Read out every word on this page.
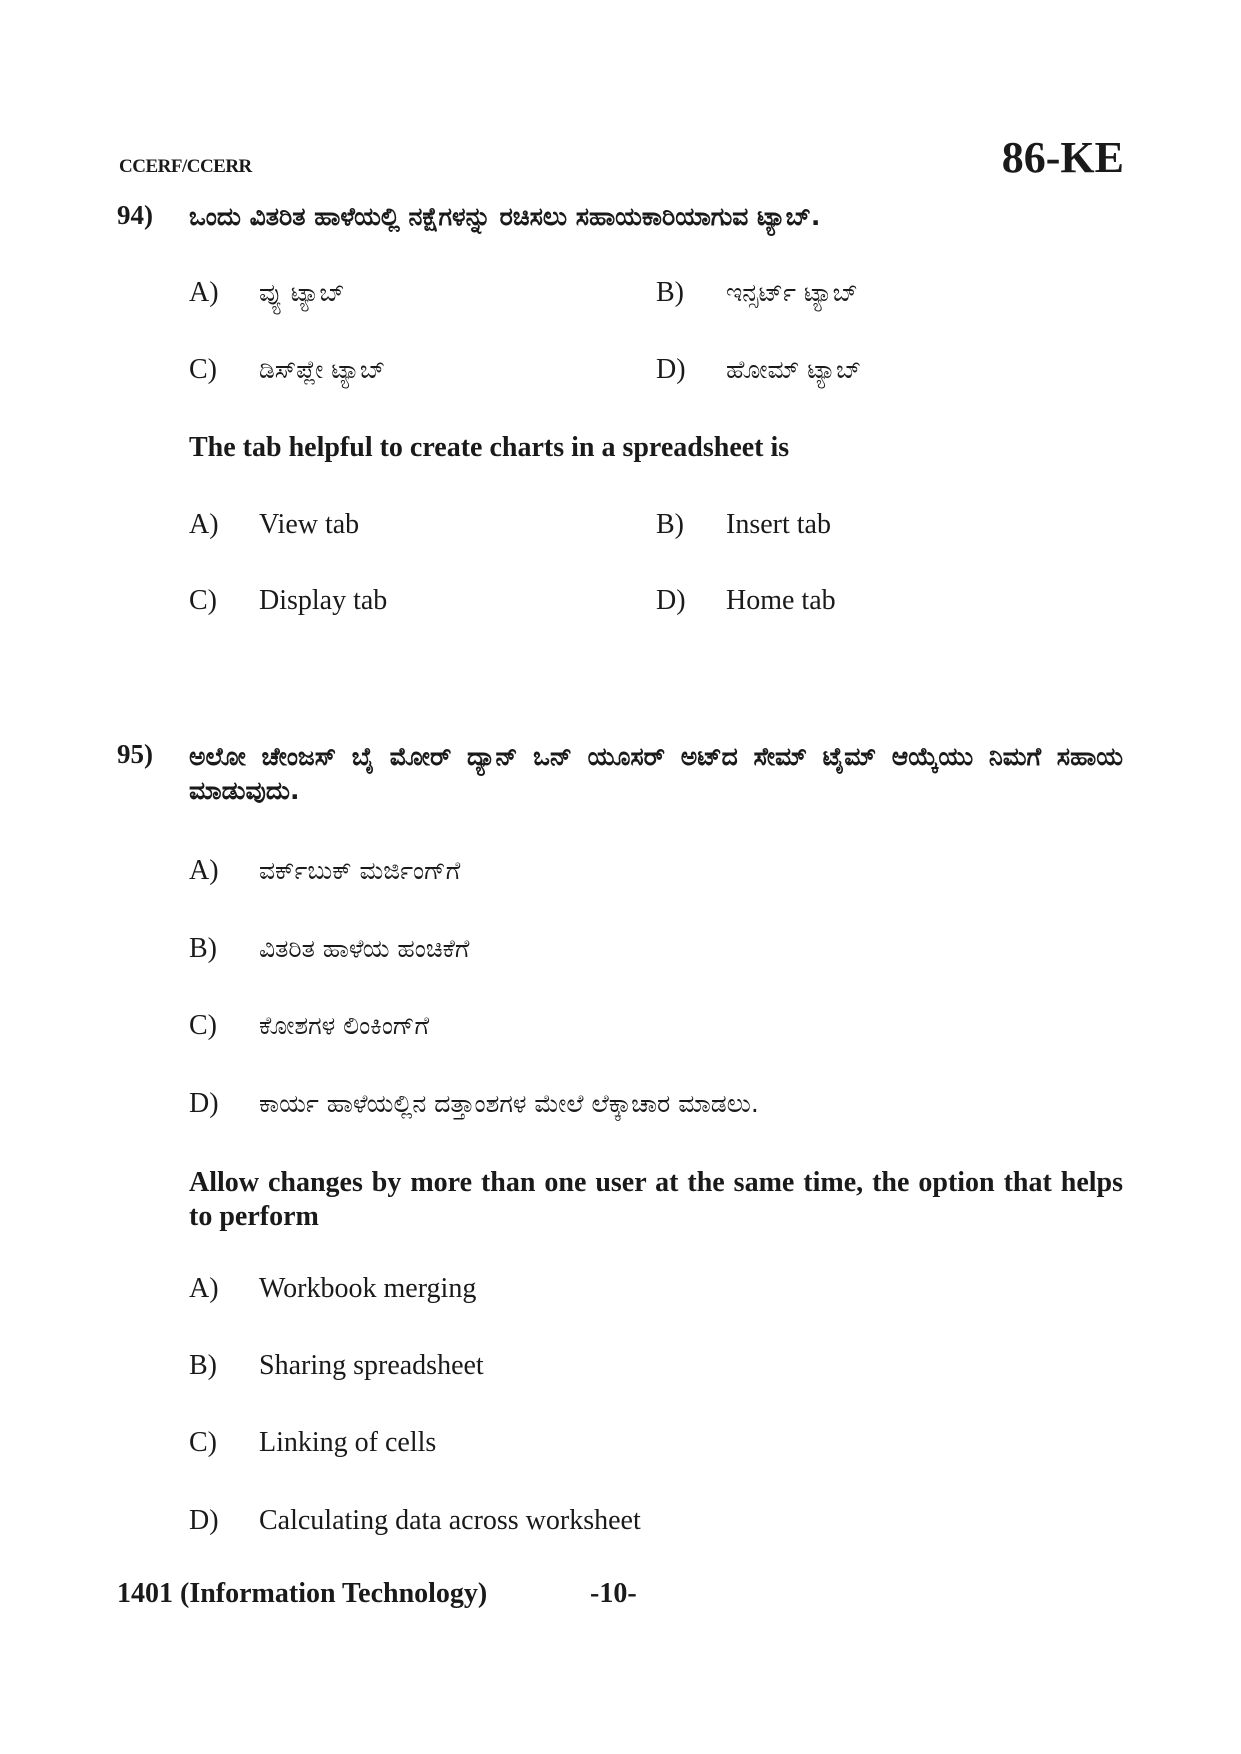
CCERF/CCERR	86-KE
94) ಒಂದು ವಿತರಿತ ಹಾಳೆಯಲ್ಲಿ ನಕ್ಷೆಗಳನ್ನು ರಚಿಸಲು ಸಹಾಯಕಾರಿಯಾಗುವ ಟ್ಯಾಬ್.
A) ವ್ಯು ಟ್ಯಾಬ್	B) ಇನ್ಸರ್ಟ್ ಟ್ಯಾಬ್
C) ಡಿಸ್‌ಪ್ಲೇ ಟ್ಯಾಬ್	D) ಹೋಮ್ ಟ್ಯಾಬ್
The tab helpful to create charts in a spreadsheet is
A) View tab	B) Insert tab
C) Display tab	D) Home tab
95) ಅಲೋ ಚೇಂಜಸ್ ಬೈ ಮೋರ್ ದ್ಯಾನ್ ಒನ್ ಯೂಸರ್ ಅಟ್‌ದ ಸೇಮ್ ಟೈಮ್ ಆಯ್ಕೆಯು ನಿಮಗೆ ಸಹಾಯ ಮಾಡುವುದು.
A) ವರ್ಕ್‌ಬುಕ್ ಮರ್ಜಿಂಗ್‌ಗೆ
B) ವಿತರಿತ ಹಾಳೆಯ ಹಂಚಿಕೆಗೆ
C) ಕೋಶಗಳ ಲಿಂಕಿಂಗ್‌ಗೆ
D) ಕಾರ್ಯ ಹಾಳೆಯಲ್ಲಿನ ದತ್ತಾಂಶಗಳ ಮೇಲೆ ಲೆಕ್ಕಾಚಾರ ಮಾಡಲು.
Allow changes by more than one user at the same time, the option that helps to perform
A) Workbook merging
B) Sharing spreadsheet
C) Linking of cells
D) Calculating data across worksheet
1401 (Information Technology)	-10-
